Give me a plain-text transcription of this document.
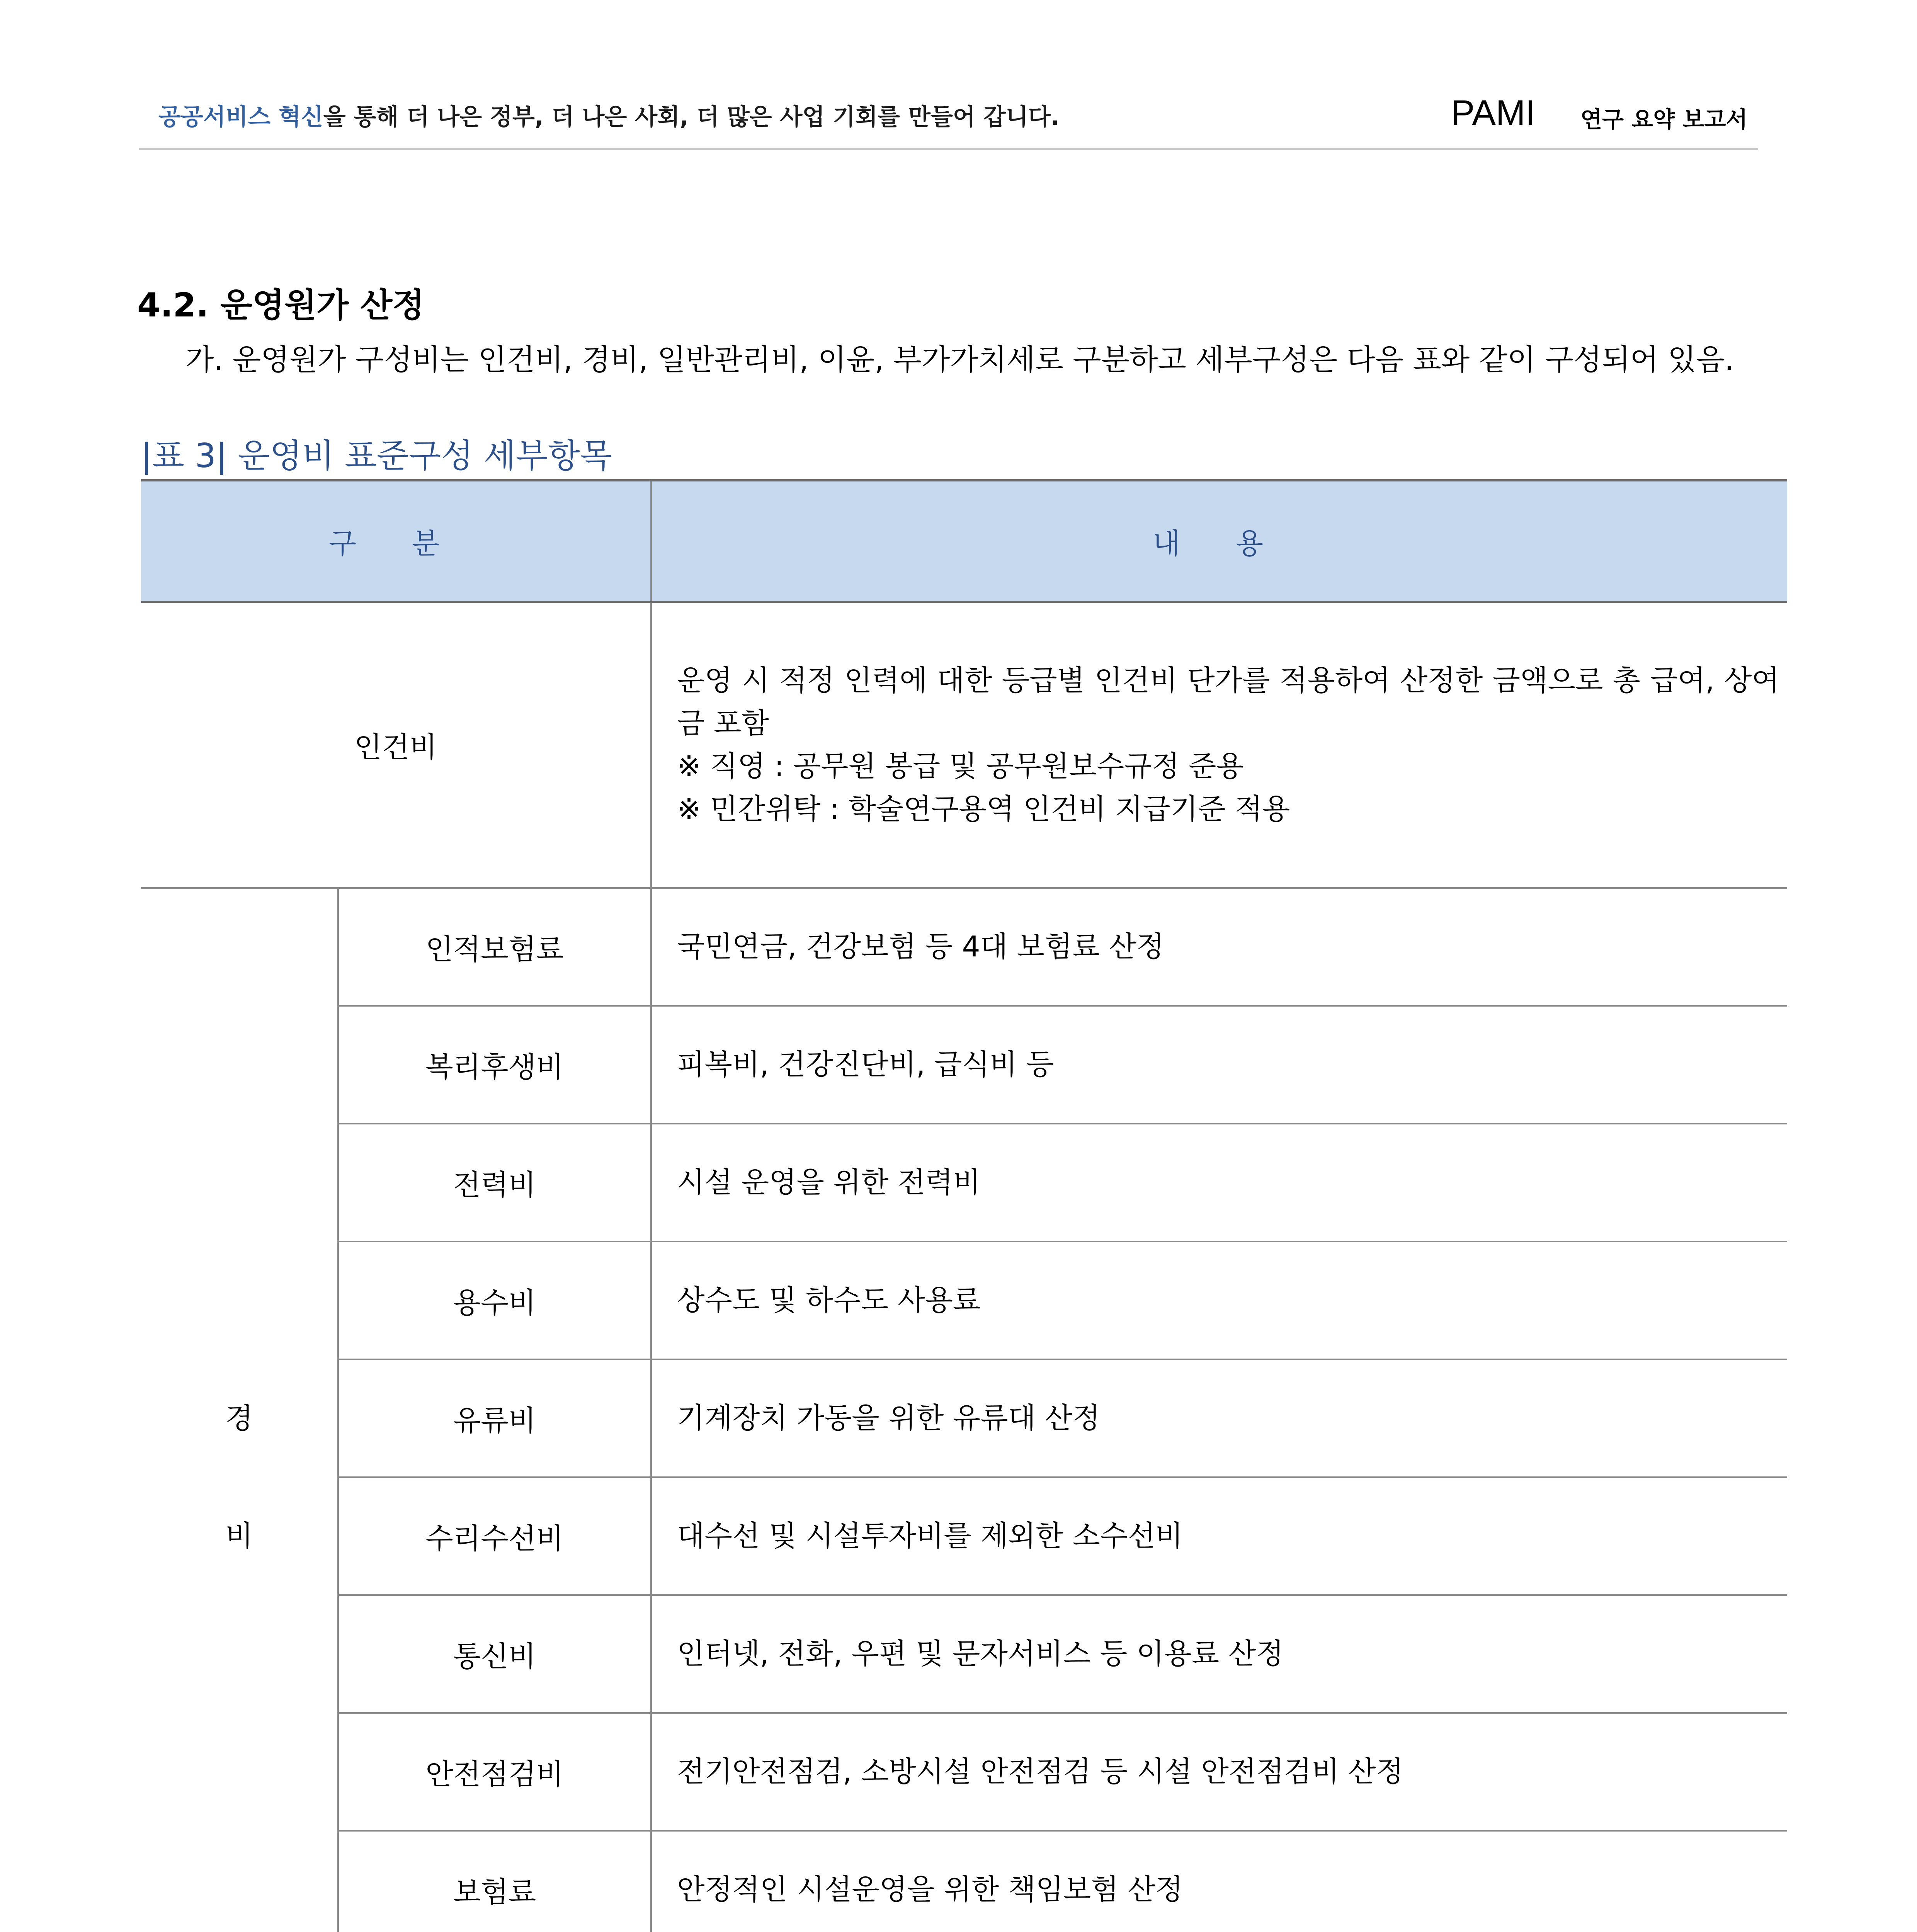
공공서비스 혁신을 통해 더 나은 정부, 더 나은 사회, 더 많은 사업 기회를 만들어 갑니다.	PAMI 연구 요약 보고서
4.2. 운영원가 산정
가. 운영원가 구성비는 인건비, 경비, 일반관리비, 이윤, 부가가치세로 구분하고 세부구성은 다음 표와 같이 구성되어 있음.
|표 3| 운영비 표준구성 세부항목
구 분		내 용
인건비		운영 시 적정 인력에 대한 등급별 인건비 단가를 적용하여 산정한 금액으로 총 급여, 상여금 포함
※ 직영 : 공무원 봉급 및 공무원보수규정 준용
※ 민간위탁 : 학술연구용역 인건비 지급기준 적용

경
비	인적보험료	국민연금, 건강보험 등 4대 보험료 산정
	복리후생비	피복비, 건강진단비, 급식비 등
	전력비	시설 운영을 위한 전력비
	용수비	상수도 및 하수도 사용료
	유류비	기계장치 가동을 위한 유류대 산정
	수리수선비	대수선 및 시설투자비를 제외한 소수선비
	통신비	인터넷, 전화, 우편 및 문자서비스 등 이용료 산정
	안전점검비	전기안전점검, 소방시설 안전점검 등 시설 안전점검비 산정
	보험료	안정적인 시설운영을 위한 책임보험 산정
